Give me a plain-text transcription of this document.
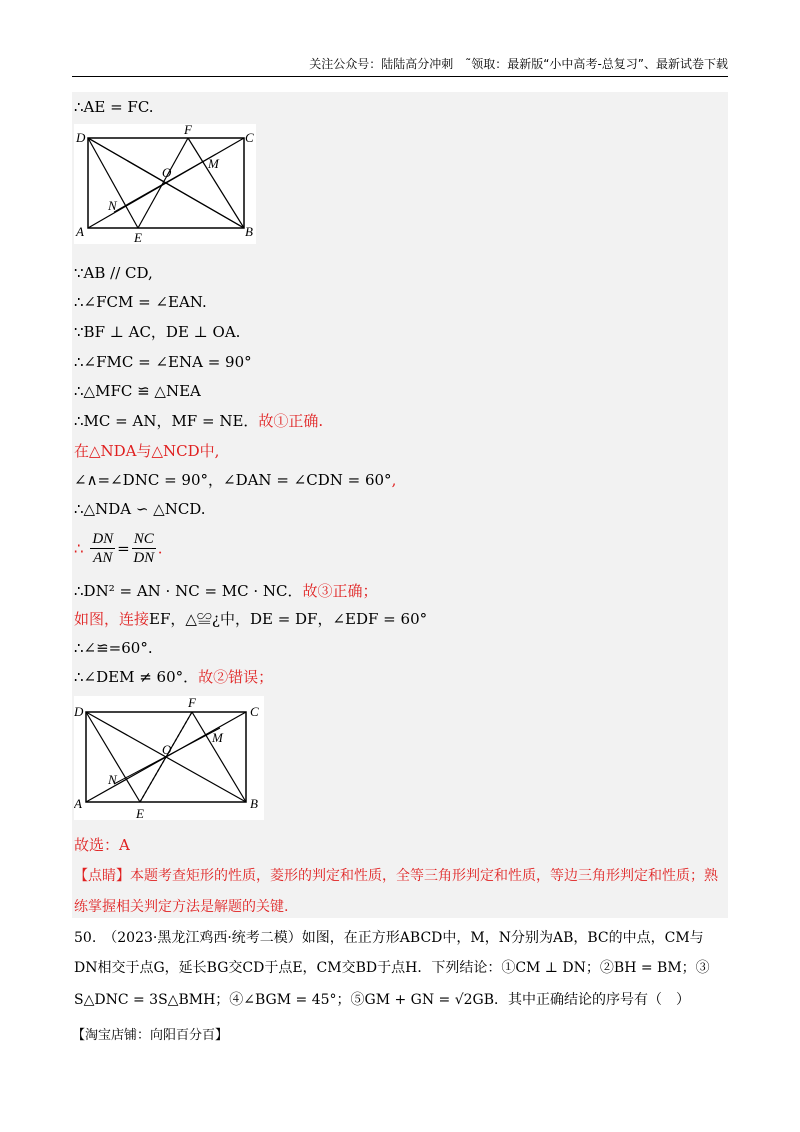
关注公众号：陆陆高分冲刺　˜领取：最新版“小中高考-总复习”、最新试卷下载
∴AE = FC.
D	C
A	B
F
E
O
M
N
∵AB // CD,
∴∠FCM = ∠EAN.
∵BF ⊥ AC，DE ⊥ OA.
∴∠FMC = ∠ENA = 90°
∴△MFC ≌ △NEA
∴MC = AN，MF = NE．故①正确.
在△NDA与△NCD中,
∠∧=∠DNC = 90°，∠DAN = ∠CDN = 60°,
∴△NDA ∽ △NCD.
∴ $\frac{DN}{AN} = \frac{NC}{DN}$ .
∴DN² = AN · NC = MC · NC．故③正确；
如图，连接EF，△≌¿中，DE = DF，∠EDF = 60°
∴∠≌=60°.
∴∠DEM ≠ 60°．故②错误；
D	C
A	B
F
E
O
M
N
故选：A
【点睛】本题考查矩形的性质，菱形的判定和性质，全等三角形判定和性质，等边三角形判定和性质；熟
练掌握相关判定方法是解题的关键.
50.　（2023·黑龙江鸡西·统考二模）如图，在正方形ABCD中，M，N分别为AB，BC的中点，CM与
DN相交于点G，延长BG交CD于点E，CM交BD于点H．下列结论：①CM ⊥ DN；②BH = BM；③
S△DNC = 3S△BMH；④∠BGM = 45°；⑤GM + GN = √2GB．其中正确结论的序号有（　）
【淘宝店铺：向阳百分百】
